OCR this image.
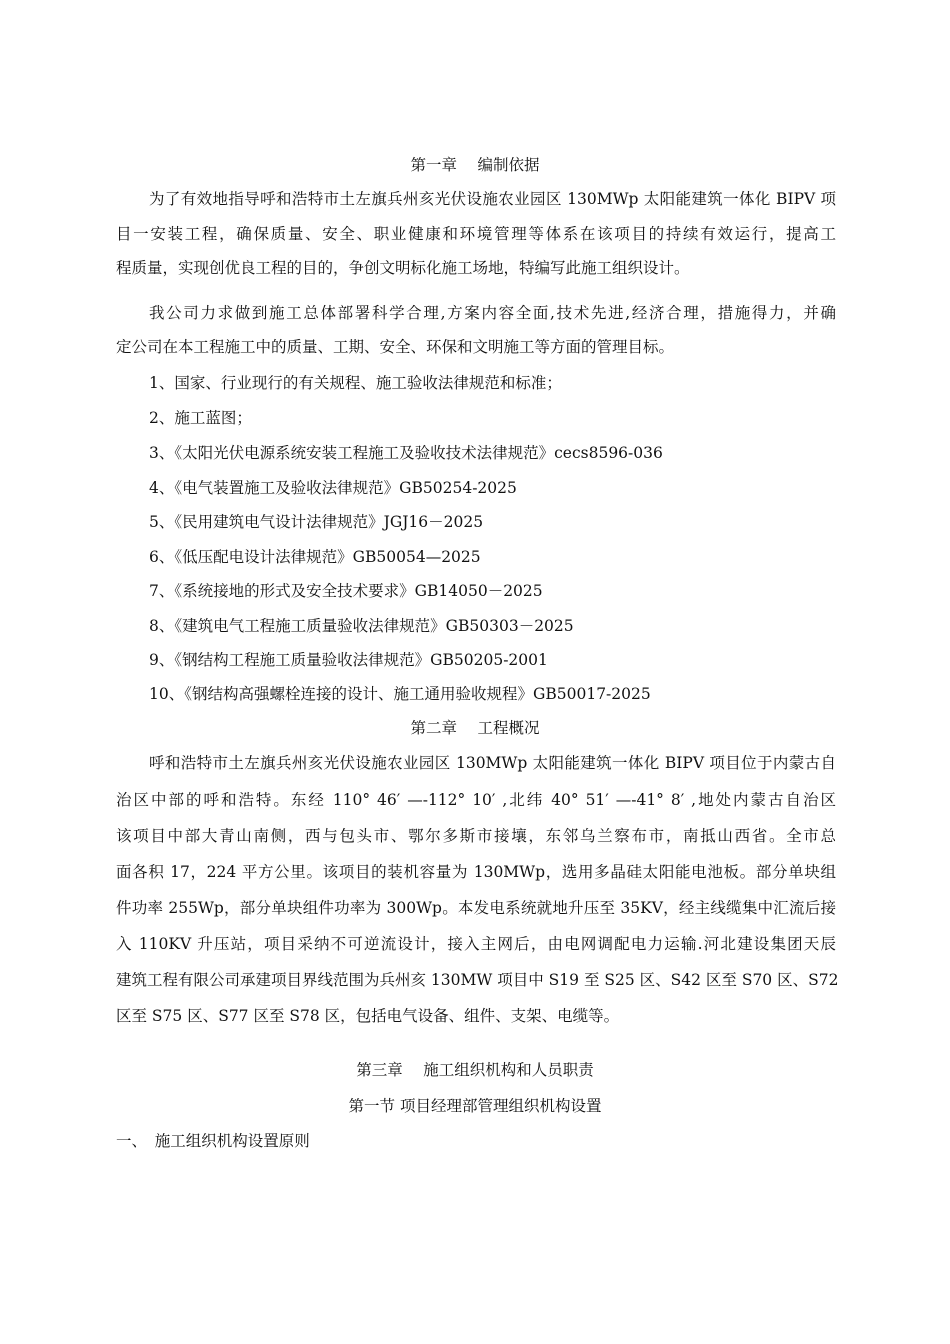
第一章　 编制依据
为了有效地指导呼和浩特市土左旗兵州亥光伏设施农业园区 130MWp 太阳能建筑一体化 BIPV 项
目一安装工程，确保质量、安全、职业健康和环境管理等体系在该项目的持续有效运行，提高工
程质量，实现创优良工程的目的，争创文明标化施工场地，特编写此施工组织设计。
我公司力求做到施工总体部署科学合理,方案内容全面,技术先进,经济合理，措施得力，并确
定公司在本工程施工中的质量、工期、安全、环保和文明施工等方面的管理目标。
1、国家、行业现行的有关规程、施工验收法律规范和标准；
2、施工蓝图；
3、《太阳光伏电源系统安装工程施工及验收技术法律规范》cecs8596-036
4、《电气装置施工及验收法律规范》GB50254-2025
5、《民用建筑电气设计法律规范》JGJ16－2025
6、《低压配电设计法律规范》GB50054—2025
7、《系统接地的形式及安全技术要求》GB14050－2025
8、《建筑电气工程施工质量验收法律规范》GB50303－2025
9、《钢结构工程施工质量验收法律规范》GB50205-2001
10、《钢结构高强螺栓连接的设计、施工通用验收规程》GB50017-2025
第二章　 工程概况
呼和浩特市土左旗兵州亥光伏设施农业园区 130MWp 太阳能建筑一体化 BIPV 项目位于内蒙古自
治区中部的呼和浩特。东经 110° 46′ —-112° 10′ ,北纬 40° 51′ —-41° 8′ ,地处内蒙古自治区
该项目中部大青山南侧，西与包头市、鄂尔多斯市接壤，东邻乌兰察布市，南抵山西省。全市总
面各积 17，224 平方公里。该项目的装机容量为 130MWp，选用多晶硅太阳能电池板。部分单块组
件功率 255Wp，部分单块组件功率为 300Wp。本发电系统就地升压至 35KV，经主线缆集中汇流后接
入 110KV 升压站，项目采纳不可逆流设计，接入主网后，由电网调配电力运输.河北建设集团天辰
建筑工程有限公司承建项目界线范围为兵州亥 130MW 项目中 S19 至 S25 区、S42 区至 S70 区、S72
区至 S75 区、S77 区至 S78 区，包括电气设备、组件、支架、电缆等。
第三章　 施工组织机构和人员职责
第一节 项目经理部管理组织机构设置
一、　施工组织机构设置原则
